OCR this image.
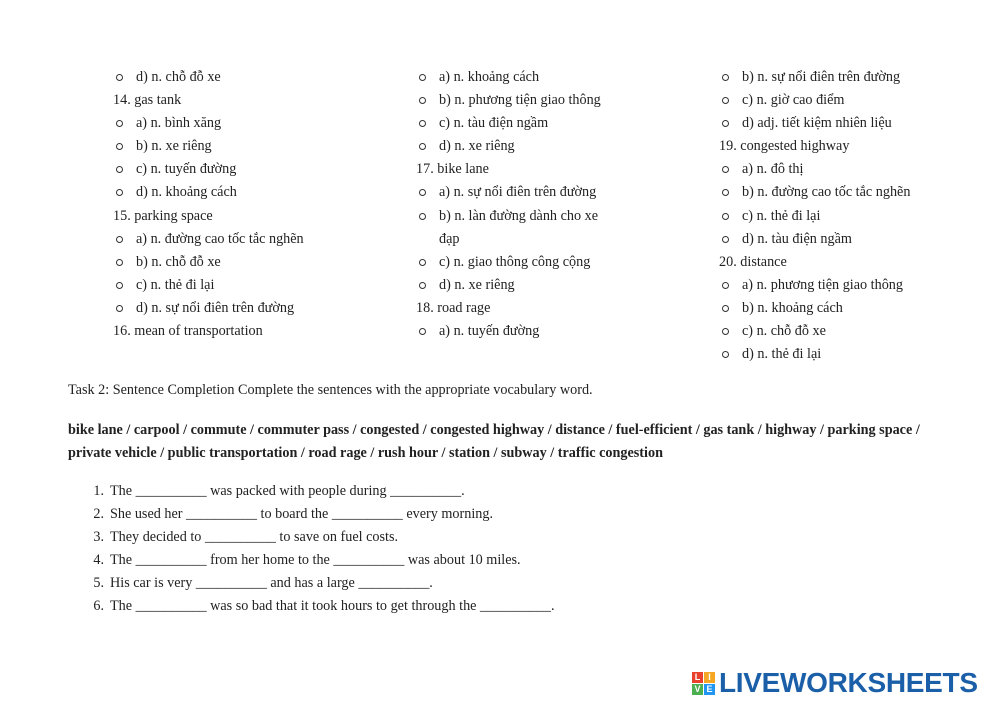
d) n. chỗ đỗ xe
14. gas tank
a) n. bình xăng
b) n. xe riêng
c) n. tuyến đường
d) n. khoảng cách
15. parking space
a) n. đường cao tốc tắc nghẽn
b) n. chỗ đỗ xe
c) n. thẻ đi lại
d) n. sự nổi điên trên đường
16. mean of transportation
a) n. khoảng cách
b) n. phương tiện giao thông
c) n. tàu điện ngầm
d) n. xe riêng
17. bike lane
a) n. sự nổi điên trên đường
b) n. làn đường dành cho xe đạp
c) n. giao thông công cộng
d) n. xe riêng
18. road rage
a) n. tuyến đường
b) n. sự nổi điên trên đường
c) n. giờ cao điểm
d) adj. tiết kiệm nhiên liệu
19. congested highway
a) n. đô thị
b) n. đường cao tốc tắc nghẽn
c) n. thẻ đi lại
d) n. tàu điện ngầm
20. distance
a) n. phương tiện giao thông
b) n. khoảng cách
c) n. chỗ đỗ xe
d) n. thẻ đi lại
Task 2: Sentence Completion Complete the sentences with the appropriate vocabulary word.
bike lane / carpool / commute / commuter pass / congested / congested highway / distance / fuel-efficient / gas tank / highway / parking space / private vehicle / public transportation / road rage / rush hour / station / subway / traffic congestion
1. The __________ was packed with people during __________.
2. She used her __________ to board the __________ every morning.
3. They decided to __________ to save on fuel costs.
4. The __________ from her home to the __________ was about 10 miles.
5. His car is very __________ and has a large __________.
6. The __________ was so bad that it took hours to get through the __________.
L I
V E LIVEWORKSHEETS
